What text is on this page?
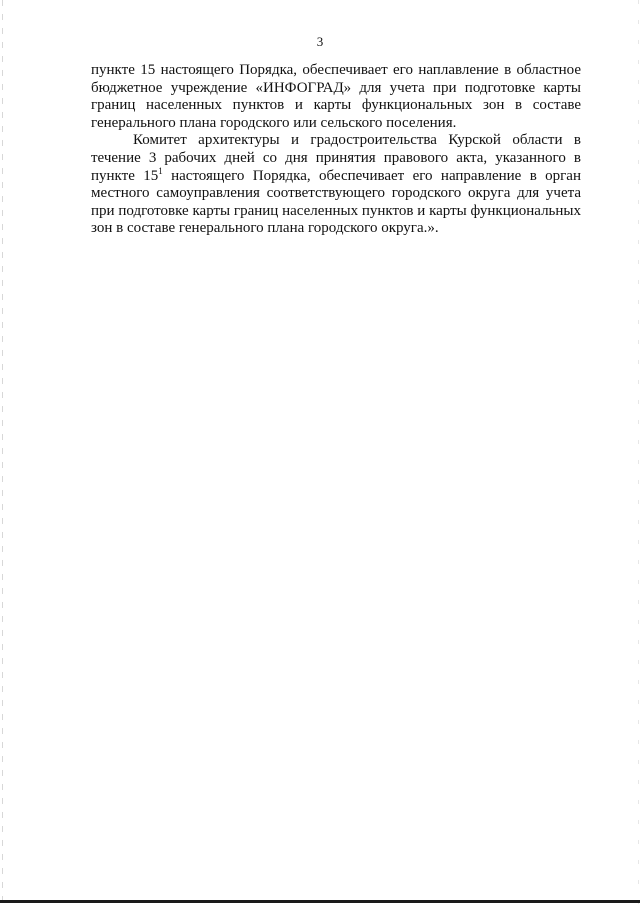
3

пункте 15 настоящего Порядка, обеспечивает его наплавление в областное бюджетное учреждение «ИНФОГРАД» для учета при подготовке карты границ населенных пунктов и карты функциональных зон в составе генерального плана городского или сельского поселения.

Комитет архитектуры и градостроительства Курской области в течение 3 рабочих дней со дня принятия правового акта, указанного в пункте $15^1$ настоящего Порядка, обеспечивает его направление в орган местного самоуправления соответствующего городского округа для учета при подготовке карты границ населенных пунктов и карты функциональных зон в составе генерального плана городского округа.».
